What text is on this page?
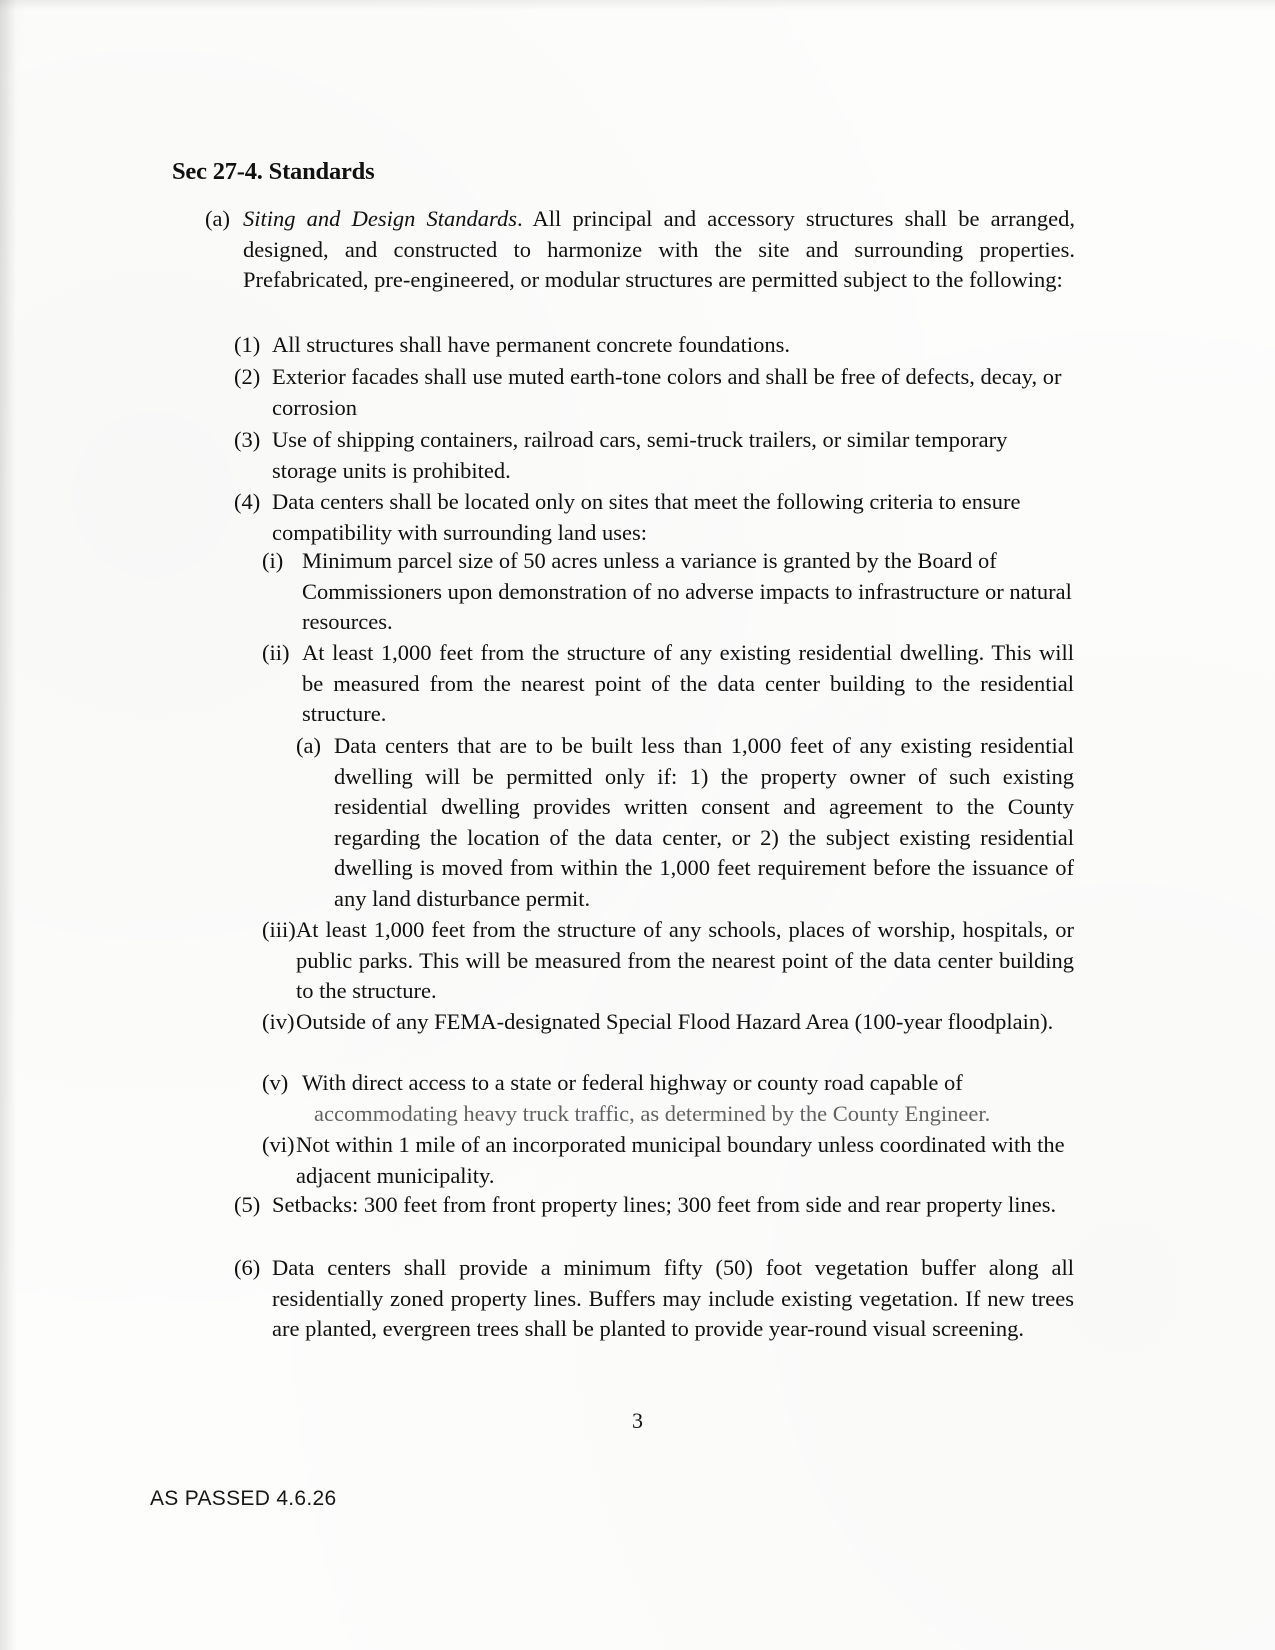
Sec 27-4. Standards
(a) Siting and Design Standards. All principal and accessory structures shall be arranged, designed, and constructed to harmonize with the site and surrounding properties. Prefabricated, pre-engineered, or modular structures are permitted subject to the following:
(1) All structures shall have permanent concrete foundations.
(2) Exterior facades shall use muted earth-tone colors and shall be free of defects, decay, or corrosion
(3) Use of shipping containers, railroad cars, semi-truck trailers, or similar temporary storage units is prohibited.
(4) Data centers shall be located only on sites that meet the following criteria to ensure compatibility with surrounding land uses:
(i) Minimum parcel size of 50 acres unless a variance is granted by the Board of Commissioners upon demonstration of no adverse impacts to infrastructure or natural resources.
(ii) At least 1,000 feet from the structure of any existing residential dwelling. This will be measured from the nearest point of the data center building to the residential structure.
(a) Data centers that are to be built less than 1,000 feet of any existing residential dwelling will be permitted only if: 1) the property owner of such existing residential dwelling provides written consent and agreement to the County regarding the location of the data center, or 2) the subject existing residential dwelling is moved from within the 1,000 feet requirement before the issuance of any land disturbance permit.
(iii) At least 1,000 feet from the structure of any schools, places of worship, hospitals, or public parks. This will be measured from the nearest point of the data center building to the structure.
(iv) Outside of any FEMA-designated Special Flood Hazard Area (100-year floodplain).
(v) With direct access to a state or federal highway or county road capable of
accommodating heavy truck traffic, as determined by the County Engineer.
(vi) Not within 1 mile of an incorporated municipal boundary unless coordinated with the adjacent municipality.
(5) Setbacks: 300 feet from front property lines; 300 feet from side and rear property lines.
(6) Data centers shall provide a minimum fifty (50) foot vegetation buffer along all residentially zoned property lines. Buffers may include existing vegetation. If new trees are planted, evergreen trees shall be planted to provide year-round visual screening.
3
AS PASSED 4.6.26
